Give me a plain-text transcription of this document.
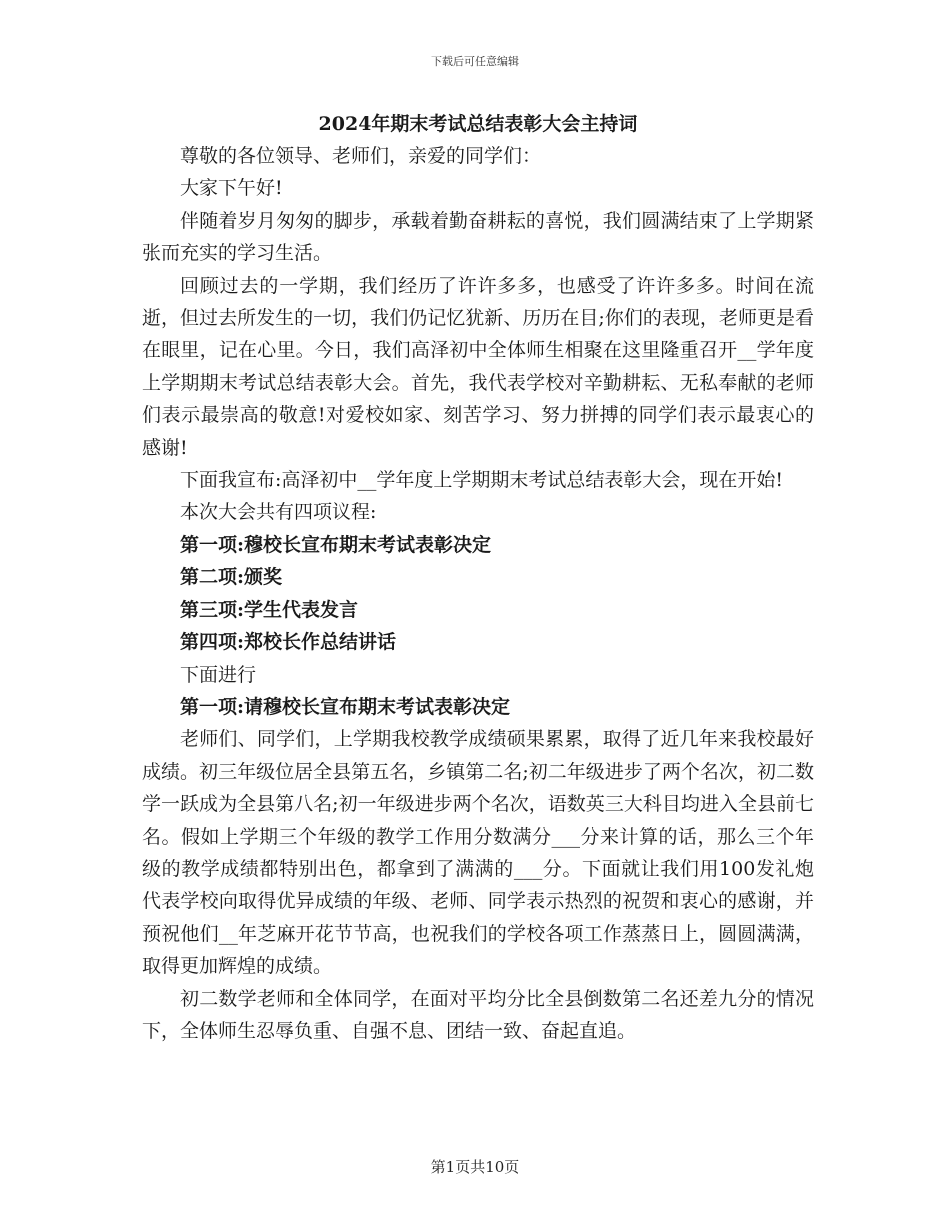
下载后可任意编辑
2024年期末考试总结表彰大会主持词

尊敬的各位领导、老师们，亲爱的同学们：

大家下午好!

伴随着岁月匆匆的脚步，承载着勤奋耕耘的喜悦，我们圆满结束了上学期紧张而充实的学习生活。

回顾过去的一学期，我们经历了许许多多，也感受了许许多多。时间在流逝，但过去所发生的一切，我们仍记忆犹新、历历在目;你们的表现，老师更是看在眼里，记在心里。今日，我们高泽初中全体师生相聚在这里隆重召开__学年度上学期期末考试总结表彰大会。首先，我代表学校对辛勤耕耘、无私奉献的老师们表示最崇高的敬意!对爱校如家、刻苦学习、努力拼搏的同学们表示最衷心的感谢!

下面我宣布:高泽初中__学年度上学期期末考试总结表彰大会，现在开始!

本次大会共有四项议程:

第一项:穆校长宣布期末考试表彰决定

第二项:颁奖

第三项:学生代表发言

第四项:郑校长作总结讲话

下面进行

第一项:请穆校长宣布期末考试表彰决定

老师们、同学们，上学期我校教学成绩硕果累累，取得了近几年来我校最好成绩。初三年级位居全县第五名，乡镇第二名;初二年级进步了两个名次，初二数学一跃成为全县第八名;初一年级进步两个名次，语数英三大科目均进入全县前七名。假如上学期三个年级的教学工作用分数满分___分来计算的话，那么三个年级的教学成绩都特别出色，都拿到了满满的___分。下面就让我们用100发礼炮代表学校向取得优异成绩的年级、老师、同学表示热烈的祝贺和衷心的感谢，并预祝他们__年芝麻开花节节高，也祝我们的学校各项工作蒸蒸日上，圆圆满满，取得更加辉煌的成绩。

初二数学老师和全体同学，在面对平均分比全县倒数第二名还差九分的情况下，全体师生忍辱负重、自强不息、团结一致、奋起直追。

第1页共10页
